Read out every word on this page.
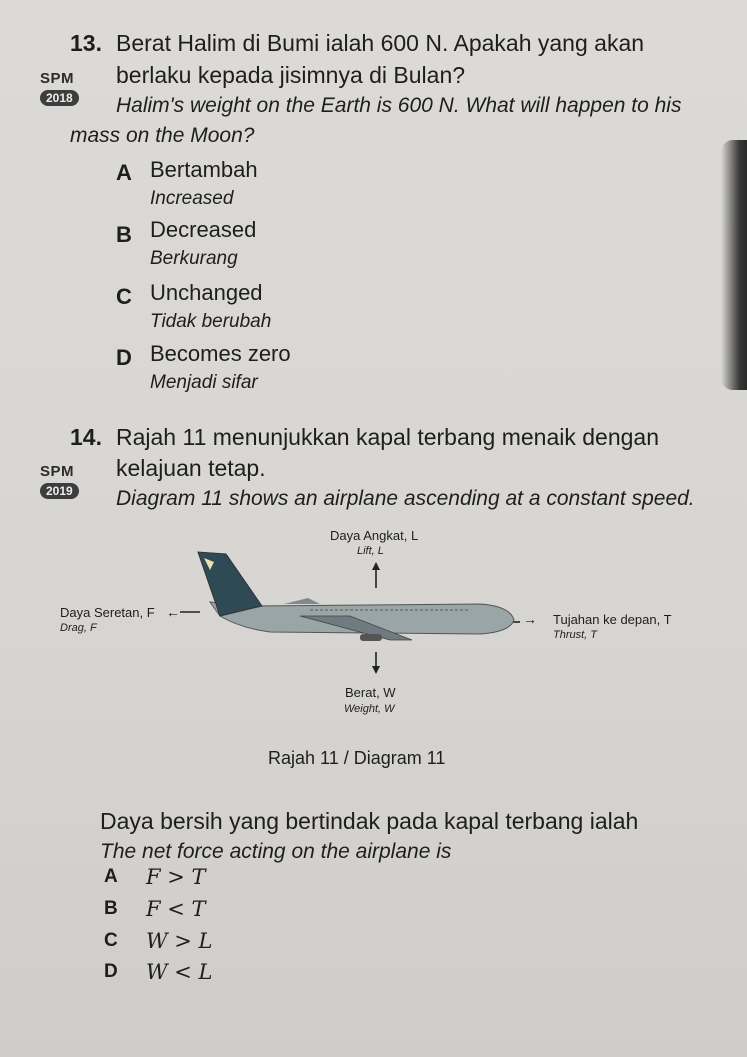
13. Berat Halim di Bumi ialah 600 N. Apakah yang akan
SPM berlaku kepada jisimnya di Bulan?
2018 Halim's weight on the Earth is 600 N. What will happen to his
mass on the Moon?
A Bertambah
Increased
B Decreased
Berkurang
C Unchanged
Tidak berubah
D Becomes zero
Menjadi sifar
14. Rajah 11 menunjukkan kapal terbang menaik dengan
SPM kelajuan tetap.
2019 Diagram 11 shows an airplane ascending at a constant speed.
Daya Angkat, L
Lift, L
Daya Seretan, F ←
Drag, F
→ Tujahan ke depan, T
Thrust, T
Berat, W
Weight, W
Rajah 11 / Diagram 11
Daya bersih yang bertindak pada kapal terbang ialah
The net force acting on the airplane is
A F > T
B F < T
C W > L
D W < L
